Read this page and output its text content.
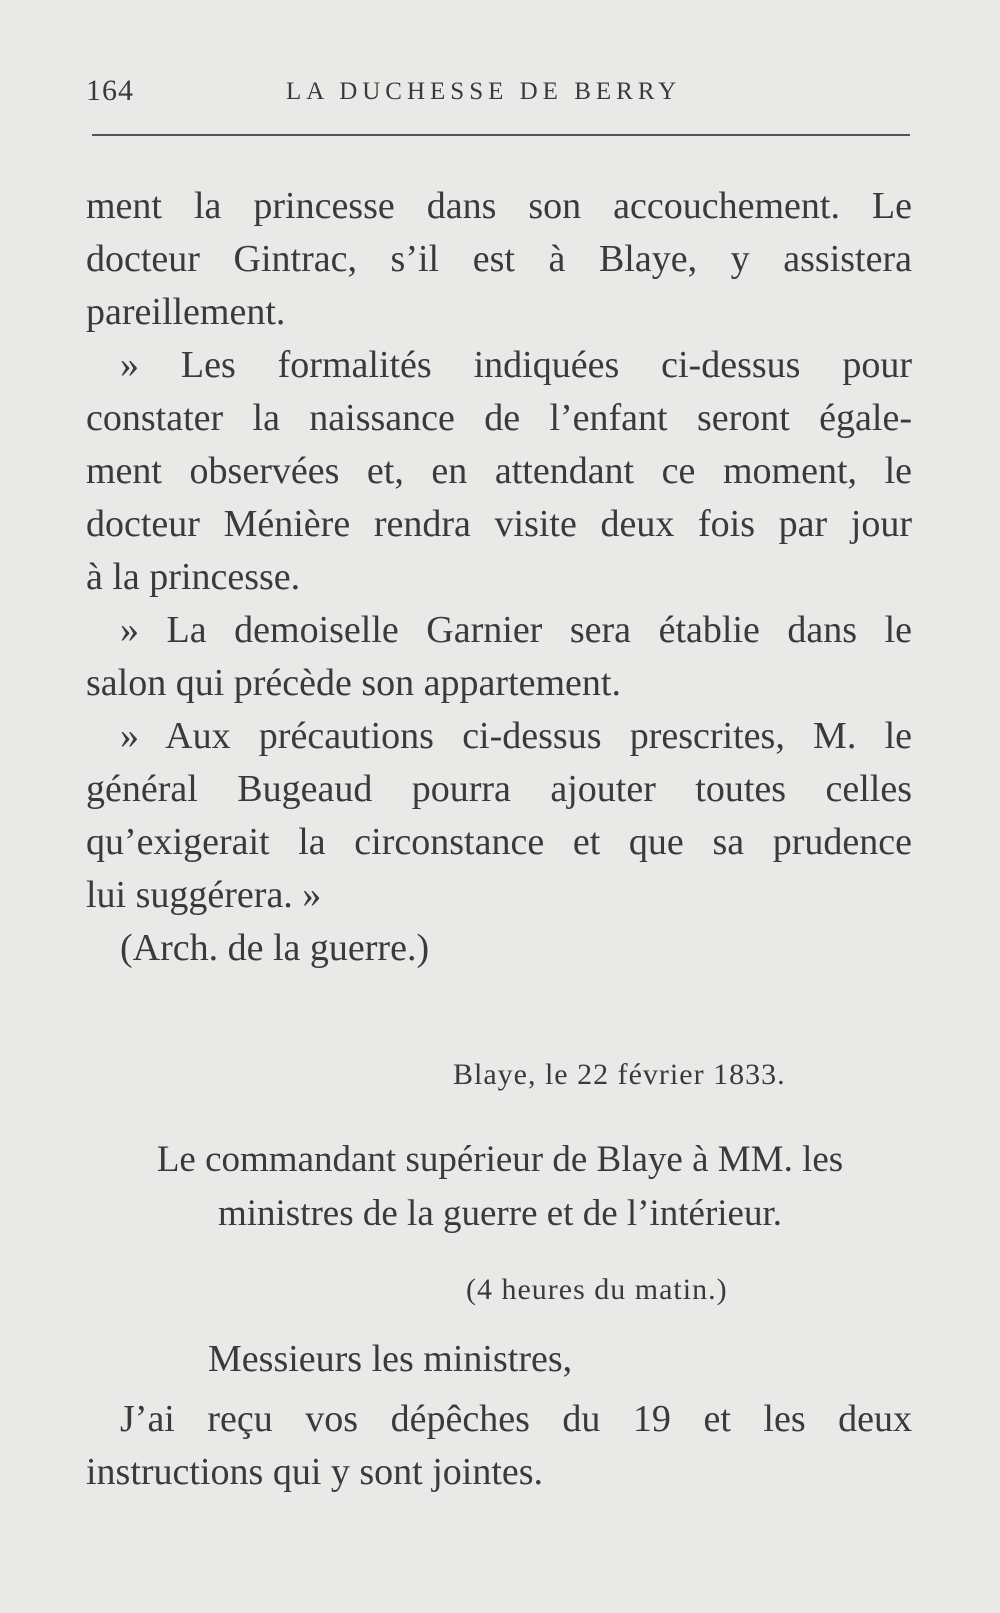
164	LA DUCHESSE DE BERRY
ment la princesse dans son accouchement. Le
docteur Gintrac, s’il est à Blaye, y assistera
pareillement.
» Les formalités indiquées ci-dessus pour
constater la naissance de l’enfant seront égale-
ment observées et, en attendant ce moment, le
docteur Ménière rendra visite deux fois par jour
à la princesse.
» La demoiselle Garnier sera établie dans le
salon qui précède son appartement.
» Aux précautions ci-dessus prescrites, M. le
général Bugeaud pourra ajouter toutes celles
qu’exigerait la circonstance et que sa prudence
lui suggérera. »
(Arch. de la guerre.)
Blaye, le 22 février 1833.
Le commandant supérieur de Blaye à MM. les
ministres de la guerre et de l’intérieur.
(4 heures du matin.)
Messieurs les ministres,
J’ai reçu vos dépêches du 19 et les deux
instructions qui y sont jointes.
